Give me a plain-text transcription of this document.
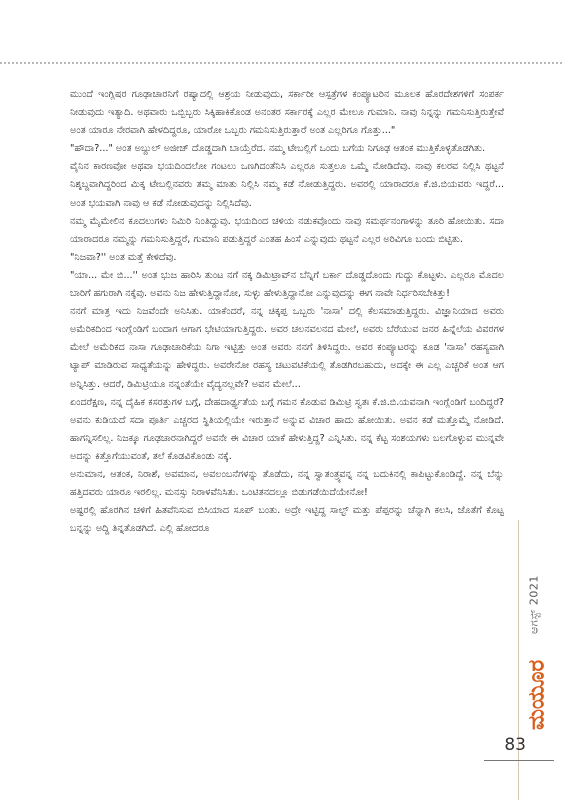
ಮುಂದೆ ಇಂಗ್ಲಿಷರ ಗೂಢಾಚಾರನಿಗೆ ರಷ್ಯಾದಲ್ಲಿ ಆಶ್ರಯ ನೀಡುವುದು, ಸರ್ಕಾರೀ ಆಸ್ಪತ್ರೆಗಳ ಕಂಪ್ಯೂಟರಿನ ಮೂಲಕ ಹೊರದೇಶಗಳಿಗೆ ಸಂಪರ್ಕ ನೀಡುವುದು ಇತ್ಯಾದಿ. ಅಥವಾರು ಒಬ್ಬಿಬ್ಬರು ಸಿಕ್ಕಿಹಾಕಿಕೊಂಡ ಅನಂತರ ಸರ್ಕಾರಕ್ಕೆ ಎಲ್ಲರ ಮೇಲೂ ಗುಮಾನಿ. ನಾವು ನಿನ್ನನ್ನು ಗಮನಿಸುತ್ತಿರುತ್ತೇವೆ ಅಂತ ಯಾರೂ ನೇರವಾಗಿ ಹೇಳದಿದ್ದರೂ, ಯಾರೋ ಒಬ್ಬರು ಗಮನಿಸುತ್ತಿರುತ್ತಾರೆ ಅಂತ ಎಲ್ಲರಿಗೂ ಗೊತ್ತು..."

"ಹೌದಾ?..." ಅಂತ ಅಬ್ದುಲ್ ಅಜೀಜ್ ದೊಡ್ಡದಾಗಿ ಬಾಯ್ತೆರೆದ. ನಮ್ಮ ಟೇಬಲ್ಲಿಗೆ ಒಂದು ಬಗೆಯ ನಿಗೂಢ ಆತಂಕ ಮುತ್ತಿಕೊಳ್ಳತೊಡಗಿತು.

ವೈನಿನ ಕಾರಣವೋ ಅಥವಾ ಭಯದಿಂದಲೋ ಗಂಟಲು ಒಣಗಿದಂತೆನಿಸಿ ಎಲ್ಲರೂ ಸುತ್ತಲೂ ಒಮ್ಮೆ ನೋಡಿದೆವು. ನಾವು ಕಲರವ ನಿಲ್ಲಿಸಿ ಥಟ್ಟನೆ ನಿಶ್ಶಬ್ದವಾಗಿದ್ದರಿಂದ ಮಿಕ್ಕ ಟೇಬಲ್ಲಿನವರು ತಮ್ಮ ಮಾತು ನಿಲ್ಲಿಸಿ ನಮ್ಮ ಕಡೆ ನೋಡುತ್ತಿದ್ದರು. ಅವರಲ್ಲಿ ಯಾರಾದರೂ ಕೆ.ಜಿ.ಬಿಯವರು ಇದ್ದರೆ... ಅಂತ ಭಯವಾಗಿ ನಾವು ಆ ಕಡೆ ನೋಡುವುದನ್ನು ನಿಲ್ಲಿಸಿದೆವು.

ನಮ್ಮ ಮೈಮೇಲಿನ ಕೂದಲುಗಳು ನಿಮಿರಿ ನಿಂತಿದ್ದುವು. ಭಯದಿಂದ ಚಳಿಯ ನಡುಕವೊಂದು ನಾವು ಸಮರ್ಥನಂಗಾಳನ್ನು ತೂರಿ ಹೋಯಿತು. ಸದಾ ಯಾರಾದರೂ ನಮ್ಮನ್ನು ಗಮನಿಸುತ್ತಿದ್ದರೆ, ಗುಮಾನಿ ಪಡುತ್ತಿದ್ದರೆ ಎಂತಹ ಹಿಂಸೆ ಎನ್ನುವುದು ಥಟ್ಟನೆ ಎಲ್ಲರ ಅರಿವಿಗೂ ಬಂದು ಬಿಟ್ಟಿತು.

"ನಿಜವಾ?'' ಅಂತ ಮತ್ತೆ ಕೇಳಿದೆವು.

"ಯಾ... ಮೇ ಬಿ...'' ಅಂತ ಭುಜ ಹಾರಿಸಿ ತುಂಟ ನಗೆ ನಕ್ಕ ಡಿಮಿಟ್ರಾವ್‌ನ ಬೆನ್ನಿಗೆ ಬರ್ಕಾ ದೊಡ್ಡದೊಂದು ಗುದ್ದು ಕೊಟ್ಟಳು. ಎಲ್ಲರೂ ಮೊದಲ ಬಾರಿಗೆ ಹಗುರಾಗಿ ನಕ್ಕೆವು. ಅವನು ನಿಜ ಹೇಳುತ್ತಿದ್ದಾನೋ, ಸುಳ್ಳು ಹೇಳುತ್ತಿದ್ದಾನೋ ಎನ್ನುವುದನ್ನು ಈಗ ನಾವೇ ನಿರ್ಧರಿಸಬೇಕಿತ್ತು!

ನನಗೆ ಮಾತ್ರ ಇದು ನಿಜವೆಂದೇ ಅನಿಸಿತು. ಯಾಕೆಂದರೆ, ನನ್ನ ಚಿಕ್ಕಪ್ಪ ಒಬ್ಬರು 'ನಾಸಾ' ದಲ್ಲಿ ಕೆಲಸಮಾಡುತ್ತಿದ್ದರು. ವಿಜ್ಞಾನಿಯಾದ ಅವರು ಅಮೆರಿಕದಿಂದ ಇಂಗ್ಲೆಂಡಿಗೆ ಬಂದಾಗ ಆಗಾಗ ಭೇಟಿಯಾಗುತ್ತಿದ್ದರು. ಅವರ ಚಲನವಲನದ ಮೇಲೆ, ಅವರು ಬೆರೆಯುವ ಜನರ ಹಿನ್ನೆಲೆಯ ವಿವರಗಳ ಮೇಲೆ ಅಮೆರಿಕದ ನಾಸಾ ಗೂಢಾಚಾರಿಕೆಯ ನಿಗಾ ಇಟ್ಟಿತ್ತು ಅಂತ ಅವರು ನನಗೆ ತಿಳಿಸಿದ್ದರು. ಅವರ ಕಂಪ್ಯೂಟರನ್ನು ಕೂಡ 'ನಾಸಾ' ರಹಸ್ಯವಾಗಿ ಟ್ಯಾಪ್ ಮಾಡಿರುವ ಸಾಧ್ಯತೆಯನ್ನು ಹೇಳಿದ್ದರು. ಅವರೇನೋ ರಹಸ್ಯ ಚಟುವಟಿಕೆಯಲ್ಲಿ ತೊಡಗಿರಬಹುದು, ಅದಕ್ಕೇ ಈ ಎಲ್ಲ ಎಚ್ಚರಿಕೆ ಅಂತ ಆಗ ಅನ್ನಿಸಿತ್ತು. ಆದರೆ, ಡಿಮಿಟ್ರಿಯೂ ನನ್ನಂತೆಯೇ ವೈದ್ಯನಲ್ಲವೇ? ಅವನ ಮೇಲೆ...

ಏಂದರೆಕ್ಷಣ, ನನ್ನ ದೈಹಿಕ ಕಸರತ್ತುಗಳ ಬಗ್ಗೆ, ದೇಹದಾರ್ಢ್ಯತೆಯ ಬಗ್ಗೆ ಗಮನ ಕೊಡುವ ಡಿಮಿಟ್ರಿ ಸ್ವತಃ ಕೆ.ಜಿ.ಬಿ.ಯವನಾಗಿ ಇಂಗ್ಲೆಂಡಿಗೆ ಬಂದಿದ್ದರೆ? ಅವನು ಕುಡಿಯದೆ ಸದಾ ಪೂರ್ತಿ ಎಚ್ಚರದ ಸ್ಥಿತಿಯಲ್ಲಿಯೇ ಇರುತ್ತಾನೆ ಅನ್ನುವ ವಿಚಾರ ಹಾದು ಹೋಯಿತು. ಅವನ ಕಡೆ ಮತ್ತೊಮ್ಮೆ ನೋಡಿದೆ. ಹಾಗನ್ನಿಸಲಿಲ್ಲ. ನಿಜಕ್ಕೂ ಗೂಢಚಾರನಾಗಿದ್ದರೆ ಅವನೇ ಈ ವಿಚಾರ ಯಾಕೆ ಹೇಳುತ್ತಿದ್ದ? ಎನ್ನಿಸಿತು. ನನ್ನ ಕೆಟ್ಟ ಸಂಶಯಗಳು ಬಲಗೊಳ್ಳುವ ಮುನ್ನವೇ ಅದನ್ನು ಕಿತ್ತೊಗೆಯುವಂತೆ, ತಲೆ ಕೊಡವಿಕೊಂಡು ನಕ್ಕೆ.

ಅನುಮಾನ, ಆತಂಕ, ನಿರಾಶೆ, ಅವಮಾನ, ಅವಲಂಬನೆಗಳನ್ನು ತೊಡೆದು, ನನ್ನ ಸ್ವಾತಂತ್ರ್ಯವನ್ನ ನನ್ನ ಬದುಕಿನಲ್ಲಿ ಕಾಪಿಟ್ಟುಕೊಂಡಿದ್ದೆ. ನನ್ನ ಬೆನ್ನು ಹತ್ತಿದವರು ಯಾರೂ ಇರಲಿಲ್ಲ. ಮನಸ್ಸು ನಿರಾಳವೆನಿಸಿತು. ಒಂಟಿತನದಲ್ಲೂ ಬಿಡುಗಡೆಯಿದೆಯೇನೋ!

ಅಷ್ಟರಲ್ಲಿ ಹೊರಗಿನ ಚಳಿಗೆ ಹಿತವೆನಿಸುವ ಬಿಸಿಯಾದ ಸೂಪ್ ಬಂತು. ಅದ್ರೇ ಇಟ್ಟಿದ್ದ ಸಾಲ್ಟ್ ಮತ್ತು ಪೆಪ್ಪರನ್ನು ಚೆನ್ನಾಗಿ ಕಲಸಿ, ಜೊತೆಗೆ ಕೊಟ್ಟ ಬನ್ನನ್ನು ಅದ್ದಿ ತಿನ್ನತೊಡಗಿದೆ. ಎಲ್ಲಿ ಹೋದರೂ

ಆಗಸ್ಟ್ 2021
ಮಯೂರ
83
